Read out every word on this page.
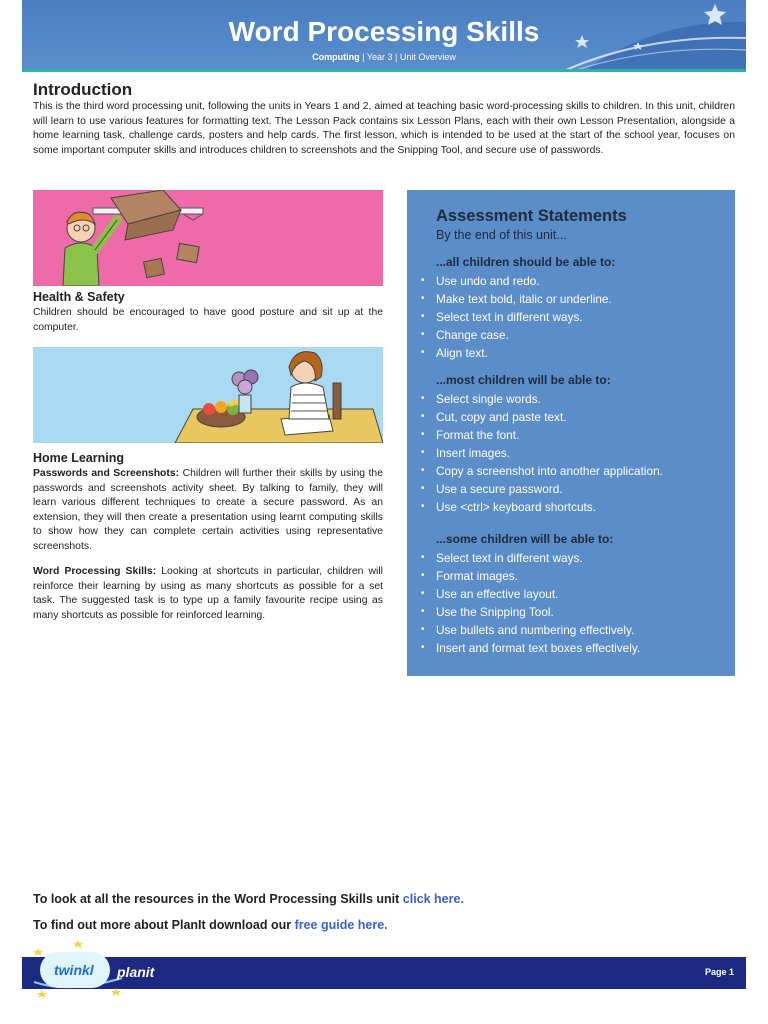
Word Processing Skills
Computing | Year 3 | Unit Overview
Introduction
This is the third word processing unit, following the units in Years 1 and 2, aimed at teaching basic word-processing skills to children. In this unit, children will learn to use various features for formatting text. The Lesson Pack contains six Lesson Plans, each with their own Lesson Presentation, alongside a home learning task, challenge cards, posters and help cards. The first lesson, which is intended to be used at the start of the school year, focuses on some important computer skills and introduces children to screenshots and the Snipping Tool, and secure use of passwords.
Health & Safety
Children should be encouraged to have good posture and sit up at the computer.
Home Learning
Passwords and Screenshots: Children will further their skills by using the passwords and screenshots activity sheet. By talking to family, they will learn various different techniques to create a secure password. As an extension, they will then create a presentation using learnt computing skills to show how they can complete certain activities using representative screenshots.
Word Processing Skills: Looking at shortcuts in particular, children will reinforce their learning by using as many shortcuts as possible for a set task. The suggested task is to type up a family favourite recipe using as many shortcuts as possible for reinforced learning.
Assessment Statements
By the end of this unit...
...all children should be able to:
• Use undo and redo.
• Make text bold, italic or underline.
• Select text in different ways.
• Change case.
• Align text.
...most children will be able to:
• Select single words.
• Cut, copy and paste text.
• Format the font.
• Insert images.
• Copy a screenshot into another application.
• Use a secure password.
• Use <ctrl> keyboard shortcuts.
...some children will be able to:
• Select text in different ways.
• Format images.
• Use an effective layout.
• Use the Snipping Tool.
• Use bullets and numbering effectively.
• Insert and format text boxes effectively.
To look at all the resources in the Word Processing Skills unit click here.
To find out more about PlanIt download our free guide here.
Page 1
twinkl planit
